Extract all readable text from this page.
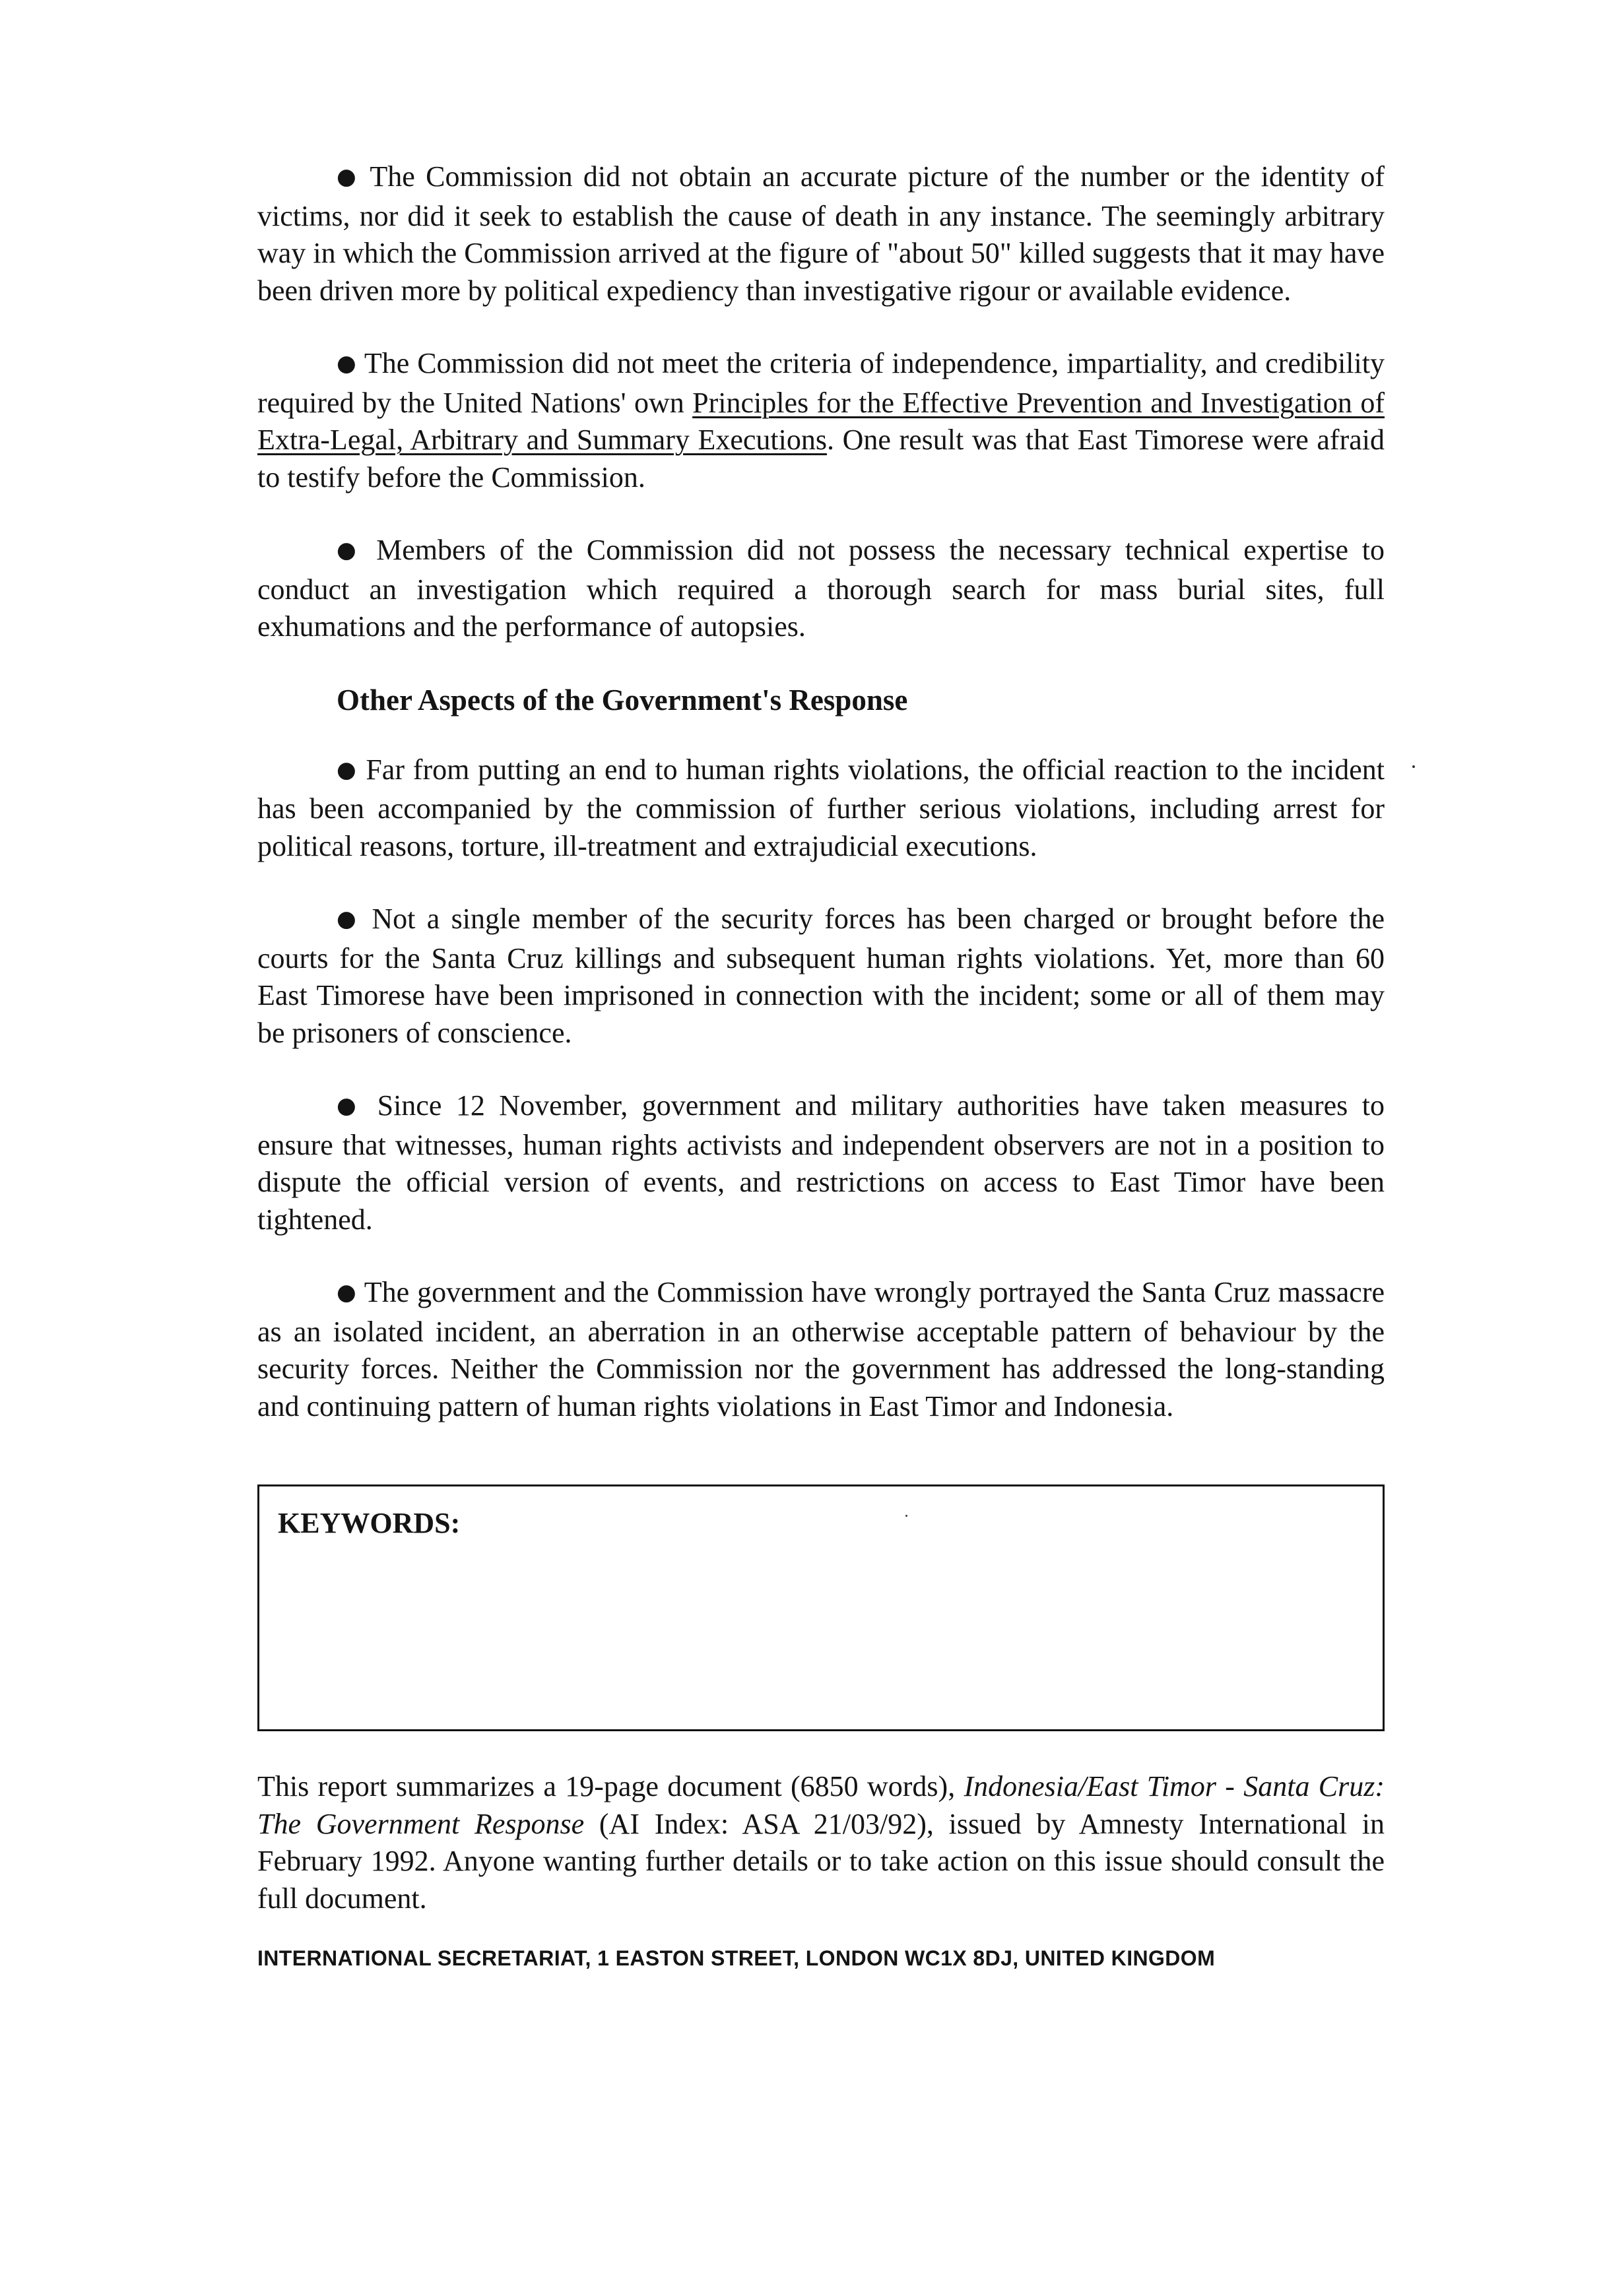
● The Commission did not obtain an accurate picture of the number or the identity of victims, nor did it seek to establish the cause of death in any instance. The seemingly arbitrary way in which the Commission arrived at the figure of "about 50" killed suggests that it may have been driven more by political expediency than investigative rigour or available evidence.

● The Commission did not meet the criteria of independence, impartiality, and credibility required by the United Nations' own Principles for the Effective Prevention and Investigation of Extra-Legal, Arbitrary and Summary Executions. One result was that East Timorese were afraid to testify before the Commission.

● Members of the Commission did not possess the necessary technical expertise to conduct an investigation which required a thorough search for mass burial sites, full exhumations and the performance of autopsies.

Other Aspects of the Government's Response

● Far from putting an end to human rights violations, the official reaction to the incident has been accompanied by the commission of further serious violations, including arrest for political reasons, torture, ill-treatment and extrajudicial executions.

● Not a single member of the security forces has been charged or brought before the courts for the Santa Cruz killings and subsequent human rights violations. Yet, more than 60 East Timorese have been imprisoned in connection with the incident; some or all of them may be prisoners of conscience.

● Since 12 November, government and military authorities have taken measures to ensure that witnesses, human rights activists and independent observers are not in a position to dispute the official version of events, and restrictions on access to East Timor have been tightened.

● The government and the Commission have wrongly portrayed the Santa Cruz massacre as an isolated incident, an aberration in an otherwise acceptable pattern of behaviour by the security forces. Neither the Commission nor the government has addressed the long-standing and continuing pattern of human rights violations in East Timor and Indonesia.

KEYWORDS:

This report summarizes a 19-page document (6850 words), Indonesia/East Timor - Santa Cruz: The Government Response (AI Index: ASA 21/03/92), issued by Amnesty International in February 1992. Anyone wanting further details or to take action on this issue should consult the full document.

INTERNATIONAL SECRETARIAT, 1 EASTON STREET, LONDON WC1X 8DJ, UNITED KINGDOM
